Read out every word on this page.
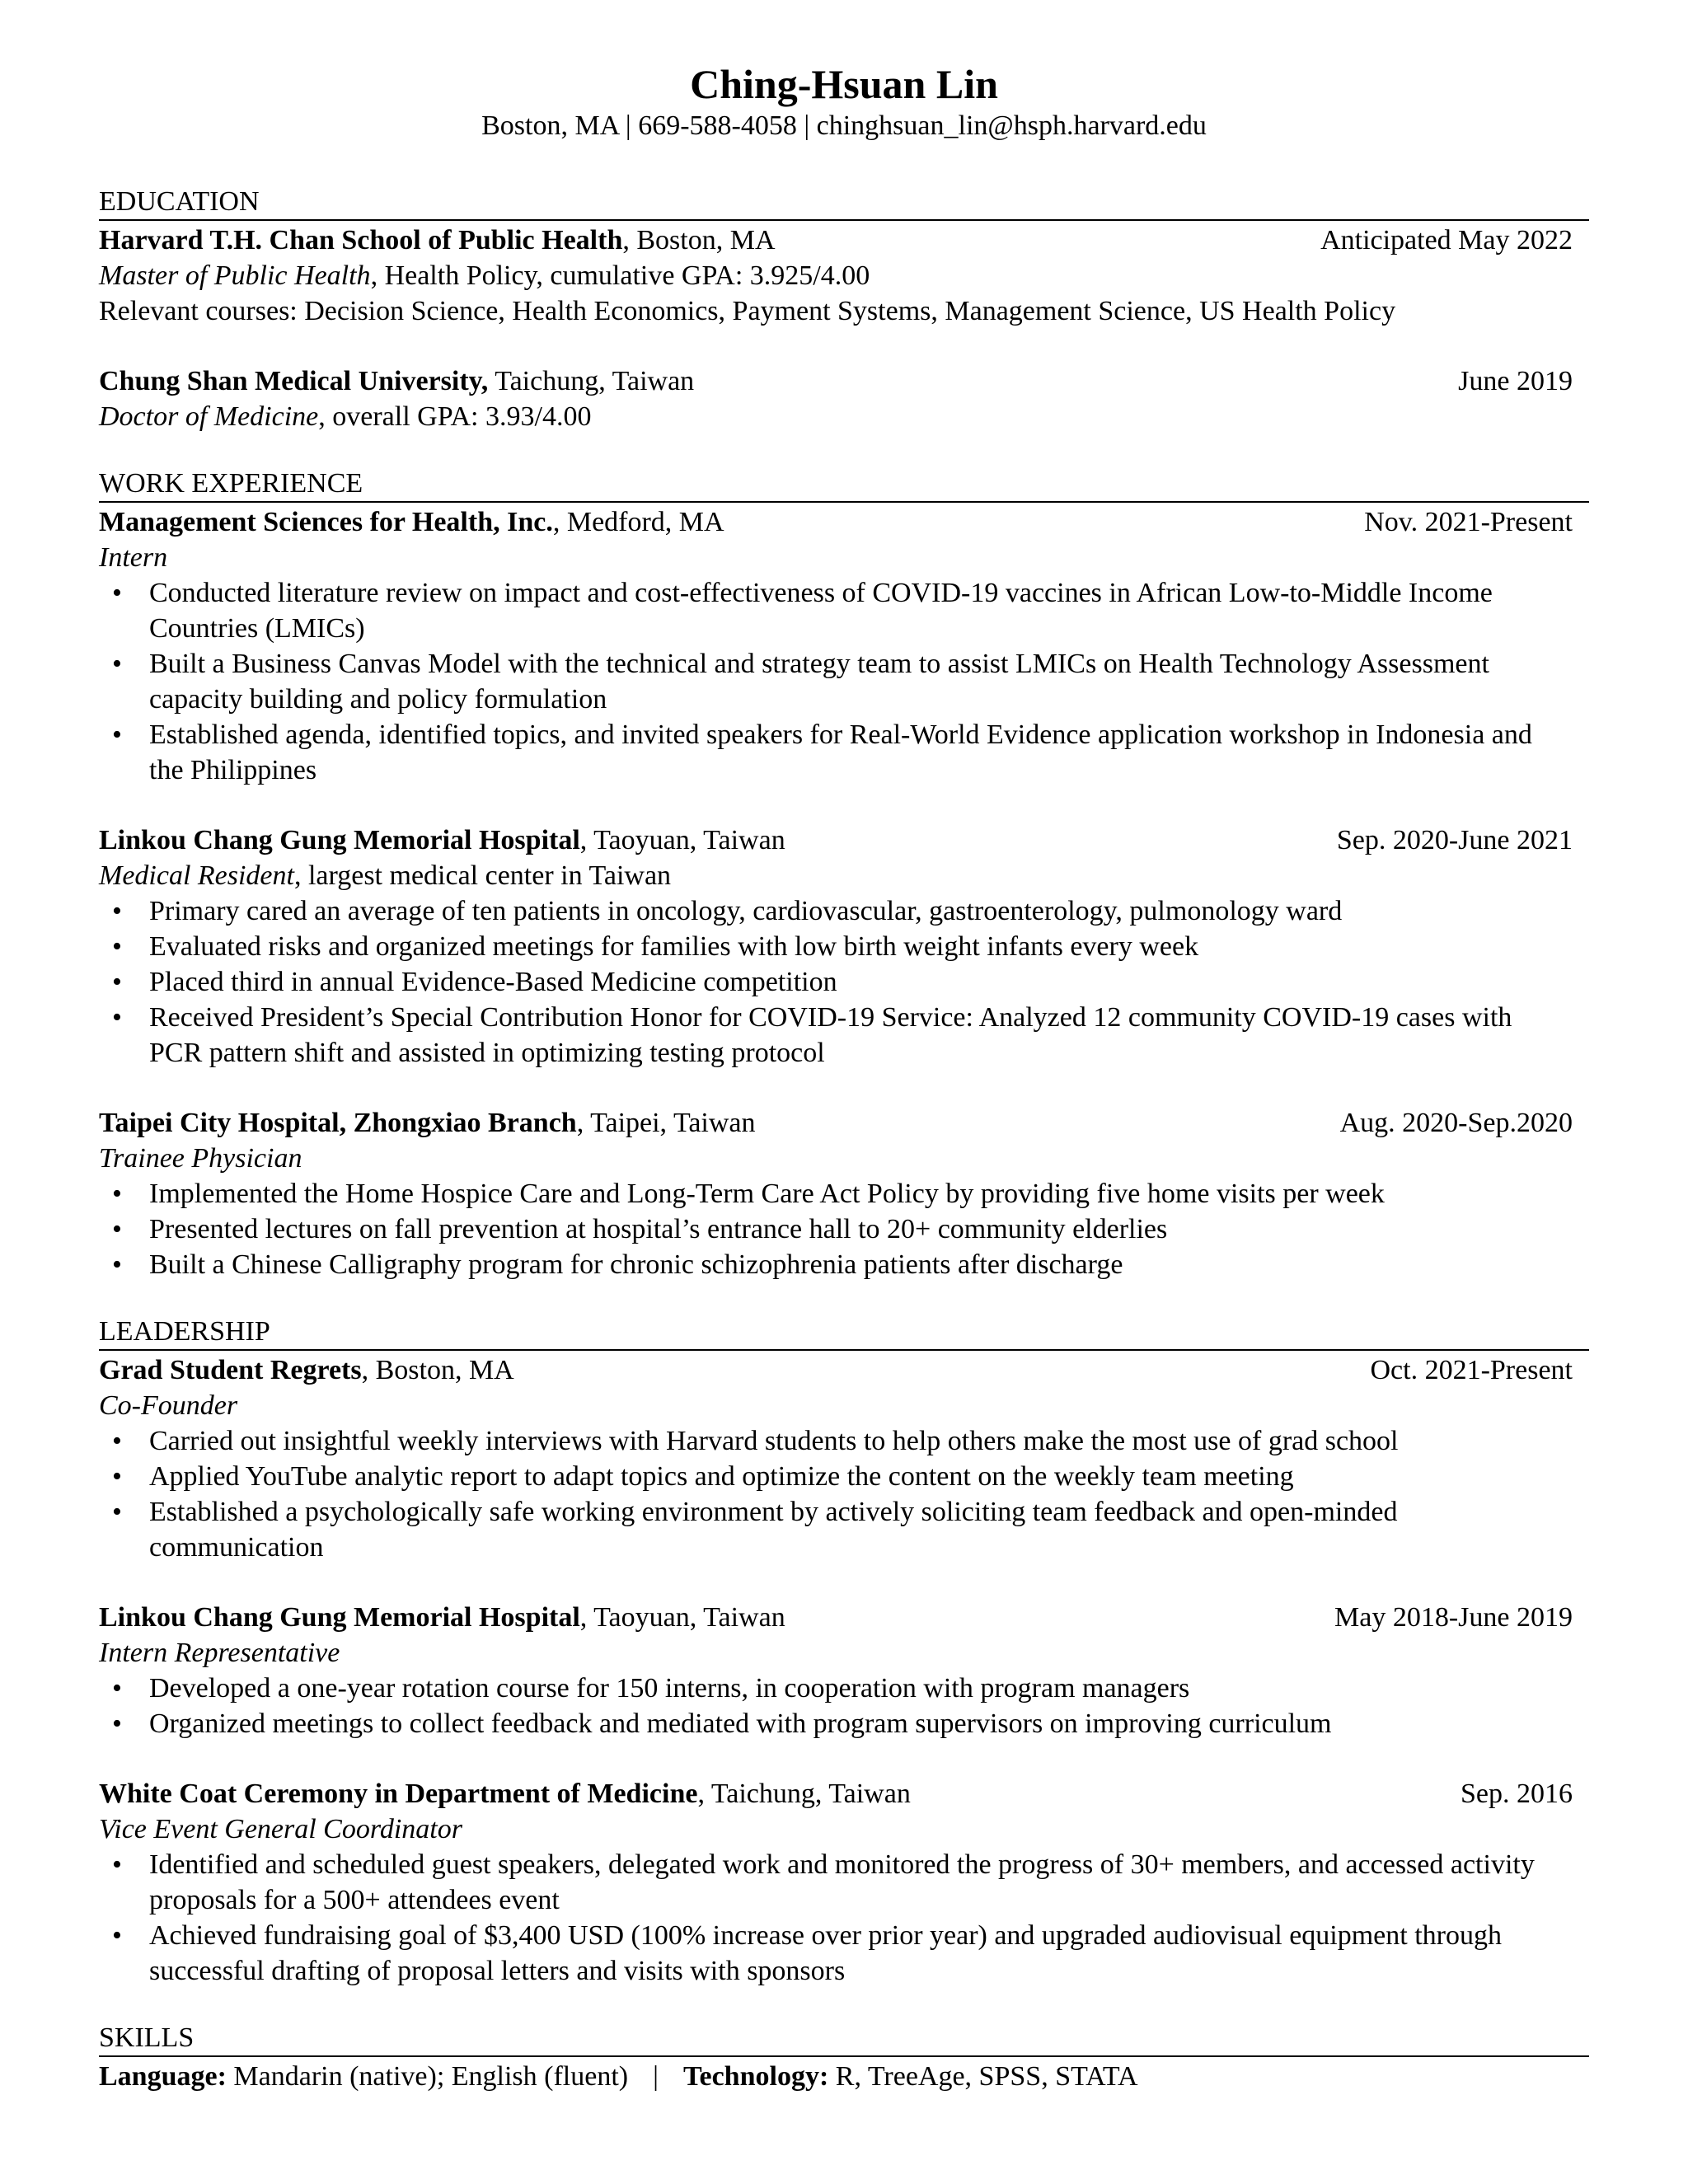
Ching-Hsuan Lin

Boston, MA | 669-588-4058 | chinghsuan_lin@hsph.harvard.edu

EDUCATION
Harvard T.H. Chan School of Public Health, Boston, MA	Anticipated May 2022
Master of Public Health, Health Policy, cumulative GPA: 3.925/4.00
Relevant courses: Decision Science, Health Economics, Payment Systems, Management Science, US Health Policy
Chung Shan Medical University, Taichung, Taiwan	June 2019
Doctor of Medicine, overall GPA: 3.93/4.00
WORK EXPERIENCE
Management Sciences for Health, Inc., Medford, MA	Nov. 2021-Present
Intern
• Conducted literature review on impact and cost-effectiveness of COVID-19 vaccines in African Low-to-Middle Income Countries (LMICs)
• Built a Business Canvas Model with the technical and strategy team to assist LMICs on Health Technology Assessment capacity building and policy formulation
• Established agenda, identified topics, and invited speakers for Real-World Evidence application workshop in Indonesia and the Philippines
Linkou Chang Gung Memorial Hospital, Taoyuan, Taiwan	Sep. 2020-June 2021
Medical Resident, largest medical center in Taiwan
• Primary cared an average of ten patients in oncology, cardiovascular, gastroenterology, pulmonology ward
• Evaluated risks and organized meetings for families with low birth weight infants every week
• Placed third in annual Evidence-Based Medicine competition
• Received President’s Special Contribution Honor for COVID-19 Service: Analyzed 12 community COVID-19 cases with PCR pattern shift and assisted in optimizing testing protocol
Taipei City Hospital, Zhongxiao Branch, Taipei, Taiwan	Aug. 2020-Sep.2020
Trainee Physician
• Implemented the Home Hospice Care and Long-Term Care Act Policy by providing five home visits per week
• Presented lectures on fall prevention at hospital’s entrance hall to 20+ community elderlies
• Built a Chinese Calligraphy program for chronic schizophrenia patients after discharge
LEADERSHIP
Grad Student Regrets, Boston, MA	Oct. 2021-Present
Co-Founder
• Carried out insightful weekly interviews with Harvard students to help others make the most use of grad school
• Applied YouTube analytic report to adapt topics and optimize the content on the weekly team meeting
• Established a psychologically safe working environment by actively soliciting team feedback and open-minded communication
Linkou Chang Gung Memorial Hospital, Taoyuan, Taiwan	May 2018-June 2019
Intern Representative
• Developed a one-year rotation course for 150 interns, in cooperation with program managers
• Organized meetings to collect feedback and mediated with program supervisors on improving curriculum
White Coat Ceremony in Department of Medicine, Taichung, Taiwan	Sep. 2016
Vice Event General Coordinator
• Identified and scheduled guest speakers, delegated work and monitored the progress of 30+ members, and accessed activity proposals for a 500+ attendees event
• Achieved fundraising goal of $3,400 USD (100% increase over prior year) and upgraded audiovisual equipment through successful drafting of proposal letters and visits with sponsors
SKILLS
Language: Mandarin (native); English (fluent) | Technology: R, TreeAge, SPSS, STATA
